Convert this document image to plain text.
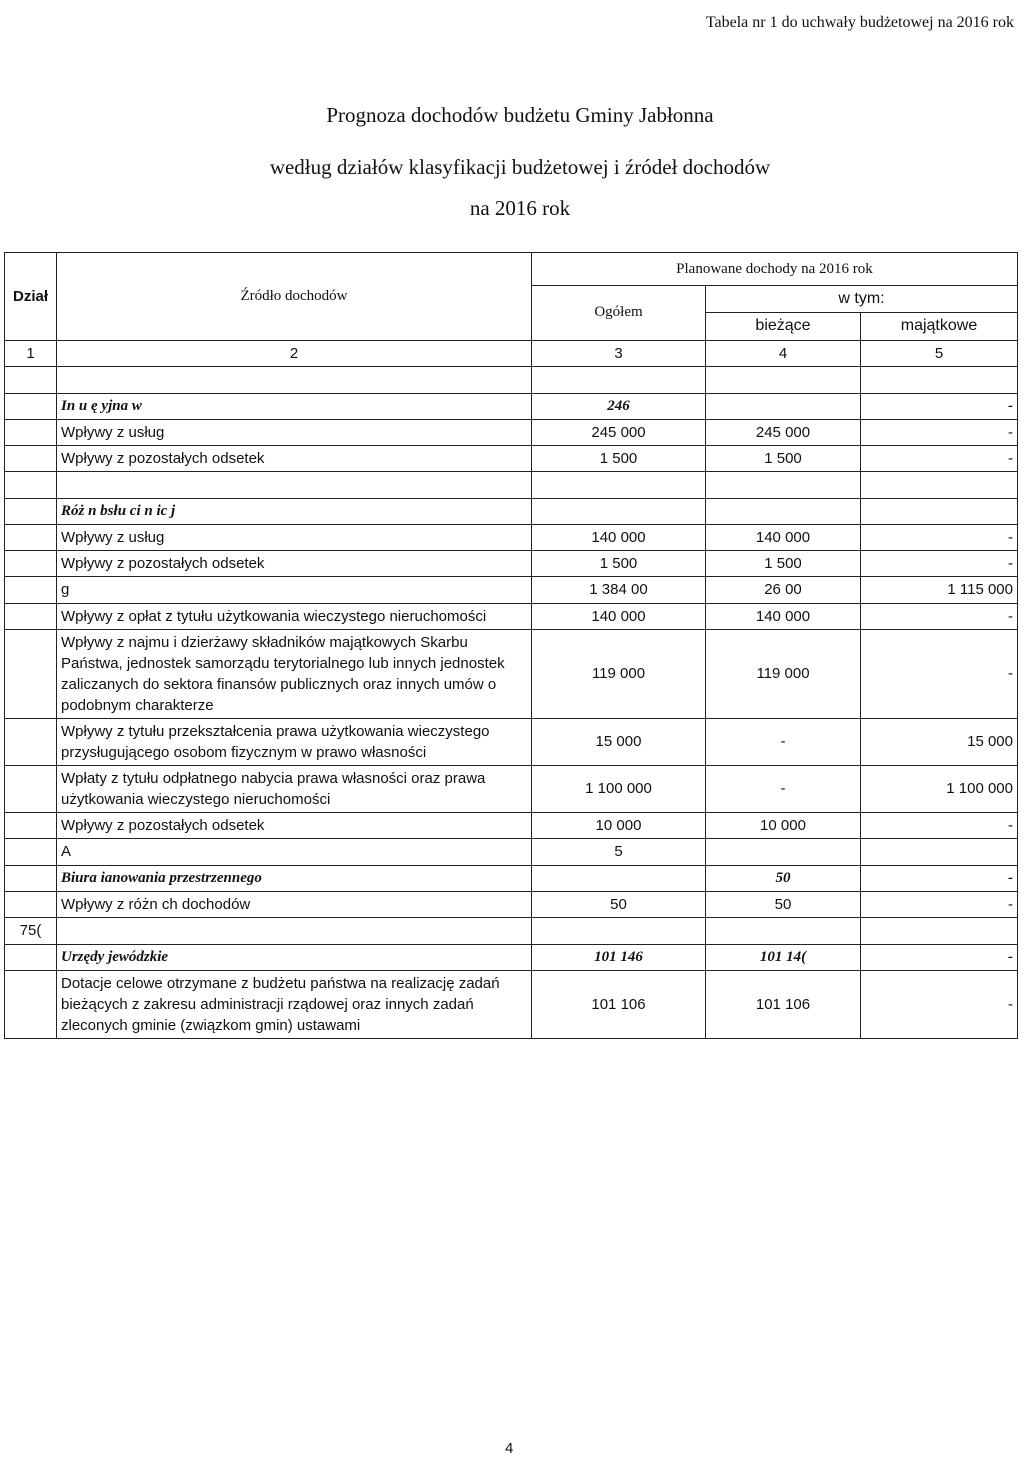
Tabela nr 1 do uchwały budżetowej na 2016 rok
Prognoza dochodów budżetu Gminy Jabłonna
według działów klasyfikacji budżetowej i źródeł dochodów
na 2016 rok
Dział	Źródło dochodów	Planowane dochody na 2016 rok		
		Ogółem	w tym:	
			bieżące	majątkowe
1	2	3	4	5

	In u ę yjna w	246		-
	Wpływy z usług	245 000	245 000	-
	Wpływy z pozostałych odsetek	1 500	1 500	-

	Róż n bsłu ci n ic j			
	Wpływy z usług	140 000	140 000	-
	Wpływy z pozostałych odsetek	1 500	1 500	-
	g	1 384 00	26 00	1 115 000
	Wpływy z opłat z tytułu użytkowania wieczystego nieruchomości	140 000	140 000	-
	Wpływy z najmu i dzierżawy składników majątkowych Skarbu Państwa, jednostek samorządu terytorialnego lub innych jednostek zaliczanych do sektora finansów publicznych oraz innych umów o podobnym charakterze	119 000	119 000	-
	Wpływy z tytułu przekształcenia prawa użytkowania wieczystego przysługującego osobom fizycznym w prawo własności	15 000	-	15 000
	Wpłaty z tytułu odpłatnego nabycia prawa własności oraz prawa użytkowania wieczystego nieruchomości	1 100 000	-	1 100 000
	Wpływy z pozostałych odsetek	10 000	10 000	-
	A	5		
	Biura ianowania przestrzennego		50	-
	Wpływy z różn ch dochodów	50	50	-
75(				
	Urzędy jewódzkie	101 146	101 14(	-
	Dotacje celowe otrzymane z budżetu państwa na realizację zadań bieżących z zakresu administracji rządowej oraz innych zadań zleconych gminie (związkom gmin) ustawami	101 106	101 106	-
4
